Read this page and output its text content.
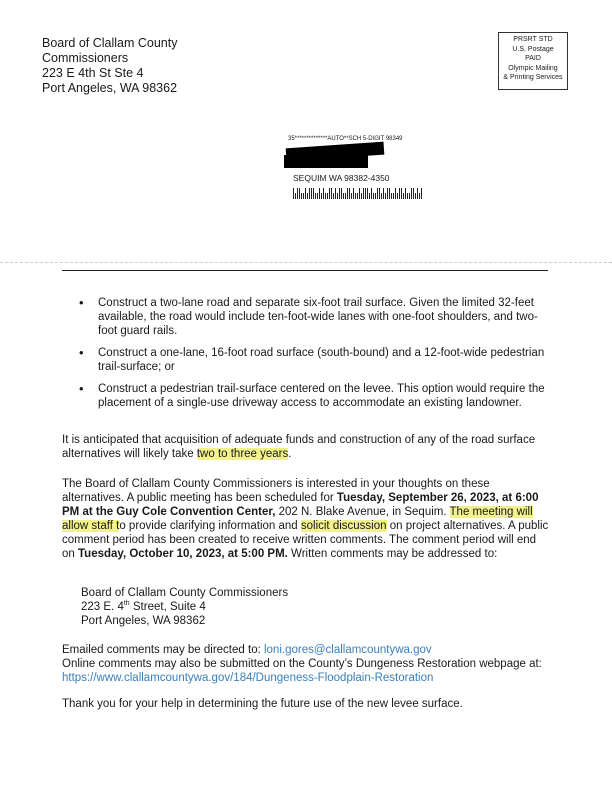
Board of Clallam County
Commissioners
223 E 4th St Ste 4
Port Angeles, WA 98362
PRSRT STD
U.S. Postage
PAID
Olympic Mailing
& Printing Services
35**************AUTO**SCH 5-DIGIT 98349
SEQUIM WA 98382-4350
• Construct a two-lane road and separate six-foot trail surface. Given the limited 32-feet available, the road would include ten-foot-wide lanes with one-foot shoulders, and two-foot guard rails.
• Construct a one-lane, 16-foot road surface (south-bound) and a 12-foot-wide pedestrian trail-surface; or
• Construct a pedestrian trail-surface centered on the levee. This option would require the placement of a single-use driveway access to accommodate an existing landowner.

It is anticipated that acquisition of adequate funds and construction of any of the road surface alternatives will likely take two to three years.

The Board of Clallam County Commissioners is interested in your thoughts on these alternatives. A public meeting has been scheduled for Tuesday, September 26, 2023, at 6:00 PM at the Guy Cole Convention Center, 202 N. Blake Avenue, in Sequim. The meeting will allow staff to provide clarifying information and solicit discussion on project alternatives. A public comment period has been created to receive written comments. The comment period will end on Tuesday, October 10, 2023, at 5:00 PM. Written comments may be addressed to:

Board of Clallam County Commissioners
223 E. 4th Street, Suite 4
Port Angeles, WA 98362
Emailed comments may be directed to: loni.gores@clallamcountywa.gov
Online comments may also be submitted on the County’s Dungeness Restoration webpage at: https://www.clallamcountywa.gov/184/Dungeness-Floodplain-Restoration

Thank you for your help in determining the future use of the new levee surface.
